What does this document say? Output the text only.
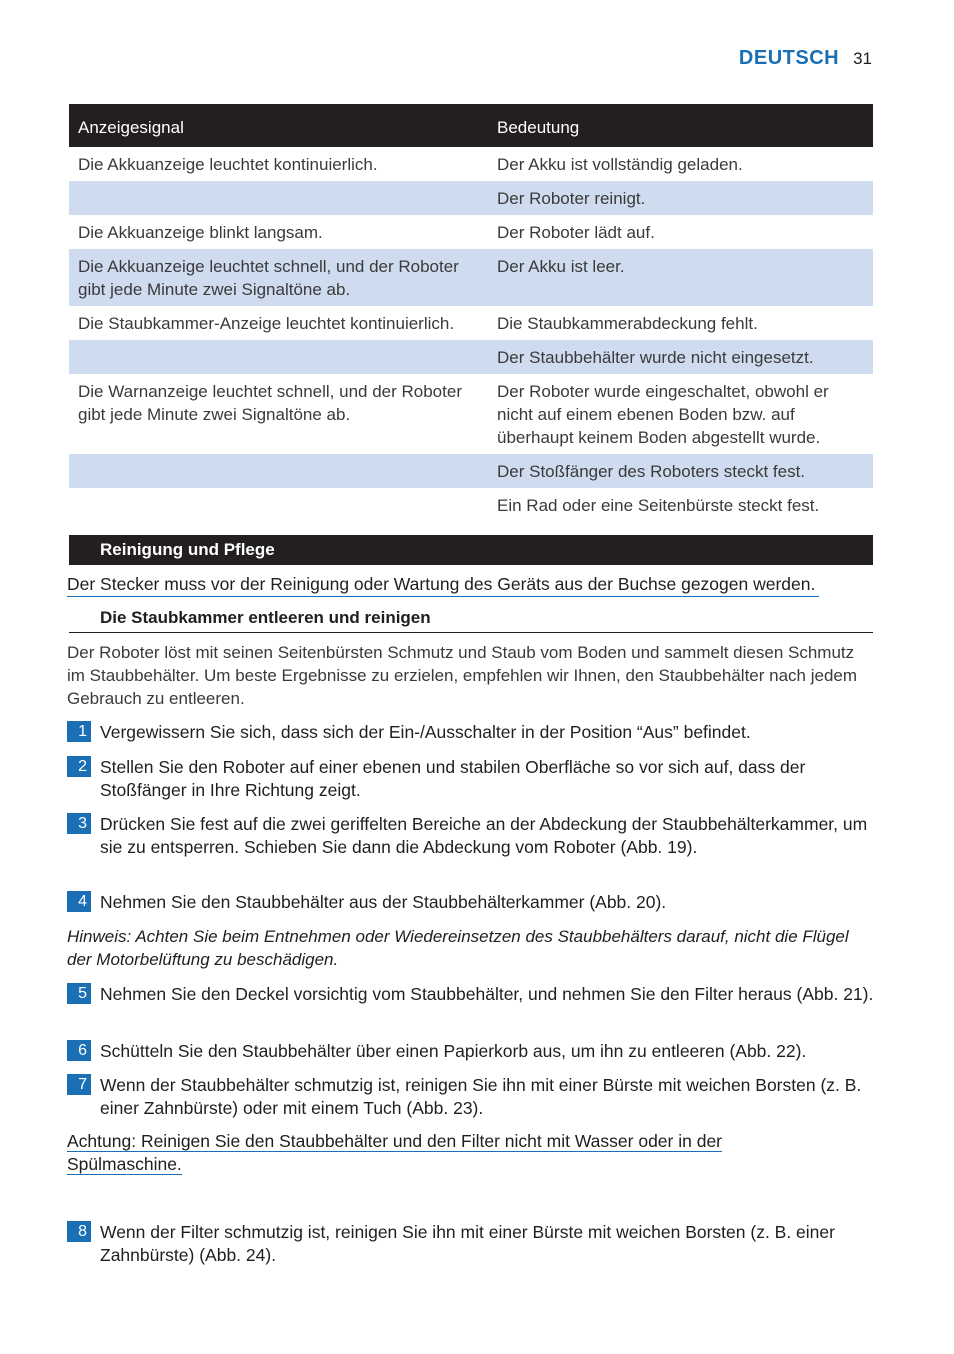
DEUTSCH 31
Anzeigesignal	Bedeutung
Die Akkuanzeige leuchtet kontinuierlich.	Der Akku ist vollständig geladen.
	Der Roboter reinigt.
Die Akkuanzeige blinkt langsam.	Der Roboter lädt auf.
Die Akkuanzeige leuchtet schnell, und der Roboter gibt jede Minute zwei Signaltöne ab.	Der Akku ist leer.
Die Staubkammer-Anzeige leuchtet kontinuierlich.	Die Staubkammerabdeckung fehlt.
	Der Staubbehälter wurde nicht eingesetzt.
Die Warnanzeige leuchtet schnell, und der Roboter gibt jede Minute zwei Signaltöne ab.	Der Roboter wurde eingeschaltet, obwohl er nicht auf einem ebenen Boden bzw. auf überhaupt keinem Boden abgestellt wurde.
	Der Stoßfänger des Roboters steckt fest.
	Ein Rad oder eine Seitenbürste steckt fest.
Reinigung und Pflege
Der Stecker muss vor der Reinigung oder Wartung des Geräts aus der Buchse gezogen werden.
Die Staubkammer entleeren und reinigen
Der Roboter löst mit seinen Seitenbürsten Schmutz und Staub vom Boden und sammelt diesen Schmutz im Staubbehälter. Um beste Ergebnisse zu erzielen, empfehlen wir Ihnen, den Staubbehälter nach jedem Gebrauch zu entleeren.
1 Vergewissern Sie sich, dass sich der Ein-/Ausschalter in der Position “Aus” befindet.
2 Stellen Sie den Roboter auf einer ebenen und stabilen Oberfläche so vor sich auf, dass der Stoßfänger in Ihre Richtung zeigt.
3 Drücken Sie fest auf die zwei geriffelten Bereiche an der Abdeckung der Staubbehälterkammer, um sie zu entsperren. Schieben Sie dann die Abdeckung vom Roboter (Abb. 19).
4 Nehmen Sie den Staubbehälter aus der Staubbehälterkammer (Abb. 20).
Hinweis: Achten Sie beim Entnehmen oder Wiedereinsetzen des Staubbehälters darauf, nicht die Flügel der Motorbelüftung zu beschädigen.
5 Nehmen Sie den Deckel vorsichtig vom Staubbehälter, und nehmen Sie den Filter heraus (Abb. 21).
6 Schütteln Sie den Staubbehälter über einen Papierkorb aus, um ihn zu entleeren (Abb. 22).
7 Wenn der Staubbehälter schmutzig ist, reinigen Sie ihn mit einer Bürste mit weichen Borsten (z. B. einer Zahnbürste) oder mit einem Tuch (Abb. 23).
Achtung: Reinigen Sie den Staubbehälter und den Filter nicht mit Wasser oder in der Spülmaschine.
8 Wenn der Filter schmutzig ist, reinigen Sie ihn mit einer Bürste mit weichen Borsten (z. B. einer Zahnbürste) (Abb. 24).
